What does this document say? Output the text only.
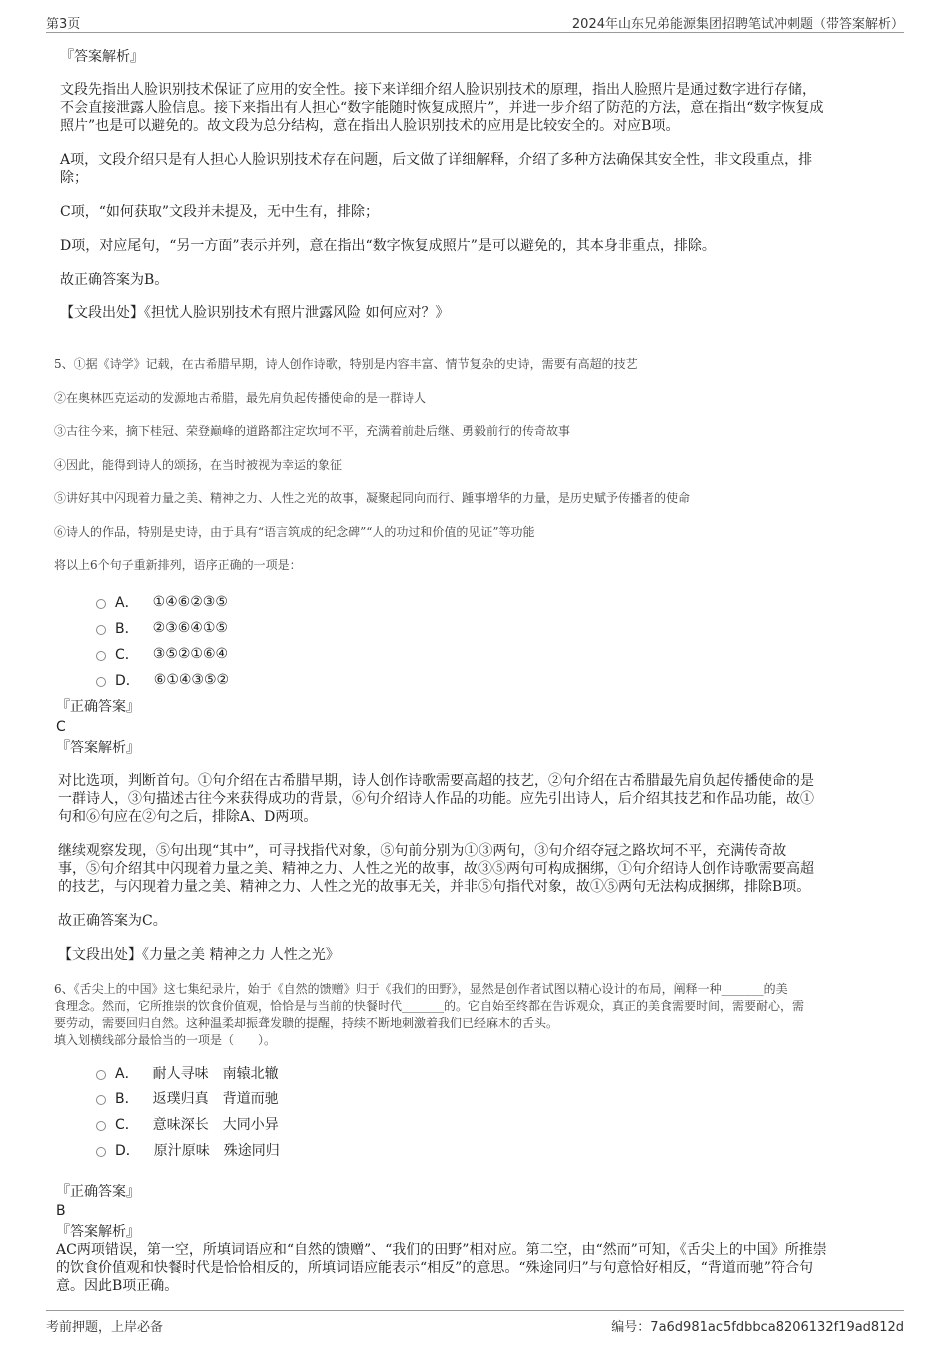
第3页	2024年山东兄弟能源集团招聘笔试冲刺题（带答案解析）
『答案解析』
文段先指出人脸识别技术保证了应用的安全性。接下来详细介绍人脸识别技术的原理，指出人脸照片是通过数字进行存储，
不会直接泄露人脸信息。接下来指出有人担心“数字能随时恢复成照片”，并进一步介绍了防范的方法，意在指出“数字恢复成
照片”也是可以避免的。故文段为总分结构，意在指出人脸识别技术的应用是比较安全的。对应B项。
A项，文段介绍只是有人担心人脸识别技术存在问题，后文做了详细解释，介绍了多种方法确保其安全性，非文段重点，排
除；
C项，“如何获取”文段并未提及，无中生有，排除；
D项，对应尾句，“另一方面”表示并列，意在指出“数字恢复成照片”是可以避免的，其本身非重点，排除。
故正确答案为B。
【文段出处】《担忧人脸识别技术有照片泄露风险 如何应对？》
5、①据《诗学》记载，在古希腊早期，诗人创作诗歌，特别是内容丰富、情节复杂的史诗，需要有高超的技艺
②在奥林匹克运动的发源地古希腊，最先肩负起传播使命的是一群诗人
③古往今来，摘下桂冠、荣登巅峰的道路都注定坎坷不平，充满着前赴后继、勇毅前行的传奇故事
④因此，能得到诗人的颂扬，在当时被视为幸运的象征
⑤讲好其中闪现着力量之美、精神之力、人性之光的故事，凝聚起同向而行、踵事增华的力量，是历史赋予传播者的使命
⑥诗人的作品，特别是史诗，由于具有“语言筑成的纪念碑”“人的功过和价值的见证”等功能
将以上6个句子重新排列，语序正确的一项是：
A． ①④⑥②③⑤
B． ②③⑥④①⑤
C． ③⑤②①⑥④
D． ⑥①④③⑤②
『正确答案』
C
『答案解析』
对比选项，判断首句。①句介绍在古希腊早期，诗人创作诗歌需要高超的技艺，②句介绍在古希腊最先肩负起传播使命的是
一群诗人，③句描述古往今来获得成功的背景，⑥句介绍诗人作品的功能。应先引出诗人，后介绍其技艺和作品功能，故①
句和⑥句应在②句之后，排除A、D两项。
继续观察发现，⑤句出现“其中”，可寻找指代对象，⑤句前分别为①③两句，③句介绍夺冠之路坎坷不平，充满传奇故
事，⑤句介绍其中闪现着力量之美、精神之力、人性之光的故事，故③⑤两句可构成捆绑，①句介绍诗人创作诗歌需要高超
的技艺，与闪现着力量之美、精神之力、人性之光的故事无关，并非⑤句指代对象，故①⑤两句无法构成捆绑，排除B项。
故正确答案为C。
【文段出处】《力量之美 精神之力 人性之光》
6、《舌尖上的中国》这七集纪录片，始于《自然的馈赠》归于《我们的田野》，显然是创作者试图以精心设计的布局，阐释一种_______的美
食理念。然而，它所推崇的饮食价值观，恰恰是与当前的快餐时代_______的。它自始至终都在告诉观众，真正的美食需要时间，需要耐心，需
要劳动，需要回归自然。这种温柔却振聋发聩的提醒，持续不断地刺激着我们已经麻木的舌头。
填入划横线部分最恰当的一项是（　　）。
A． 耐人寻味　南辕北辙
B． 返璞归真　背道而驰
C． 意味深长　大同小异
D． 原汁原味　殊途同归
『正确答案』
B
『答案解析』
AC两项错误，第一空，所填词语应和“自然的馈赠”、“我们的田野”相对应。第二空，由“然而”可知，《舌尖上的中国》所推崇
的饮食价值观和快餐时代是恰恰相反的，所填词语应能表示“相反”的意思。“殊途同归”与句意恰好相反，“背道而驰”符合句
意。因此B项正确。
考前押题，上岸必备	编号：7a6d981ac5fdbbca8206132f19ad812d
